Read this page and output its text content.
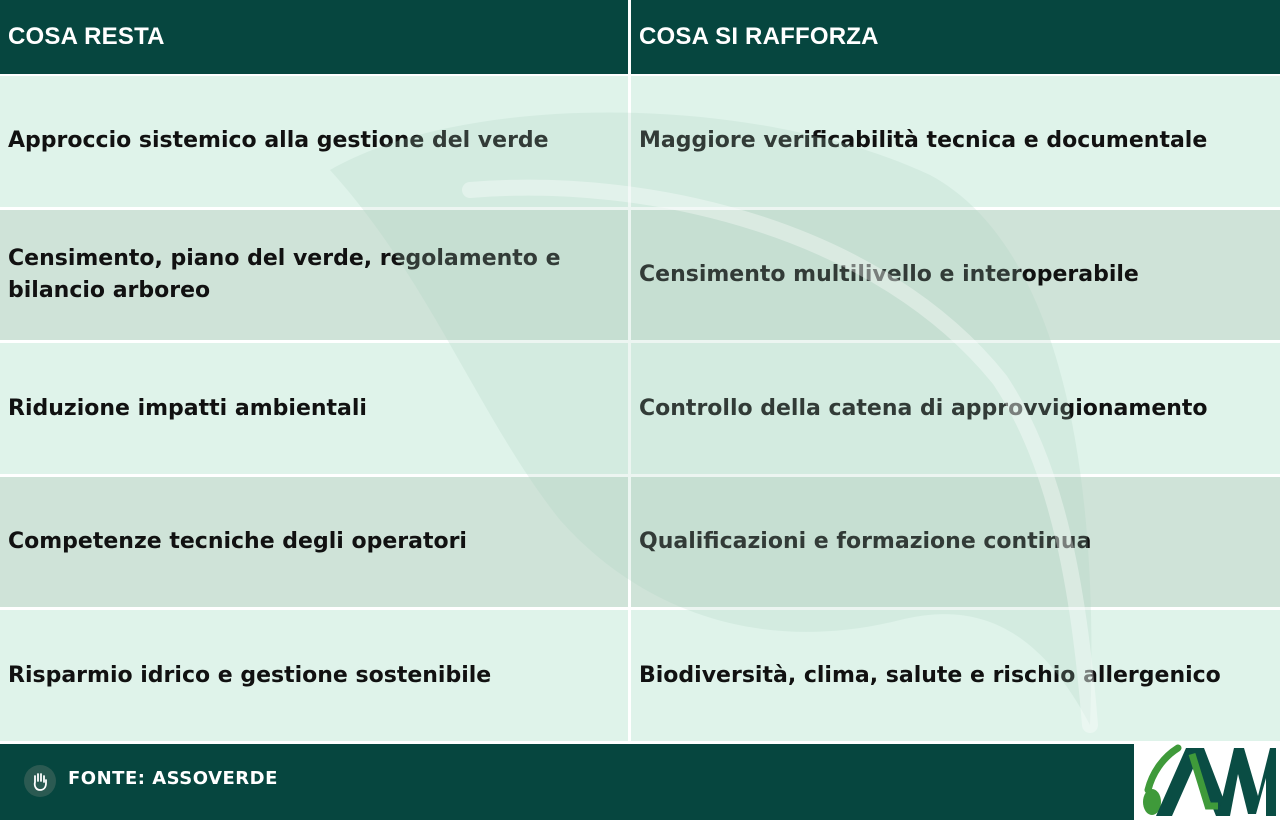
COSA RESTA	COSA SI RAFFORZA
Approccio sistemico alla gestione del verde	Maggiore verificabilità tecnica e documentale
Censimento, piano del verde, regolamento e bilancio arboreo	Censimento multilivello e interoperabile
Riduzione impatti ambientali	Controllo della catena di approvvigionamento
Competenze tecniche degli operatori	Qualificazioni e formazione continua
Risparmio idrico e gestione sostenibile	Biodiversità, clima, salute e rischio allergenico
FONTE: ASSOVERDE
